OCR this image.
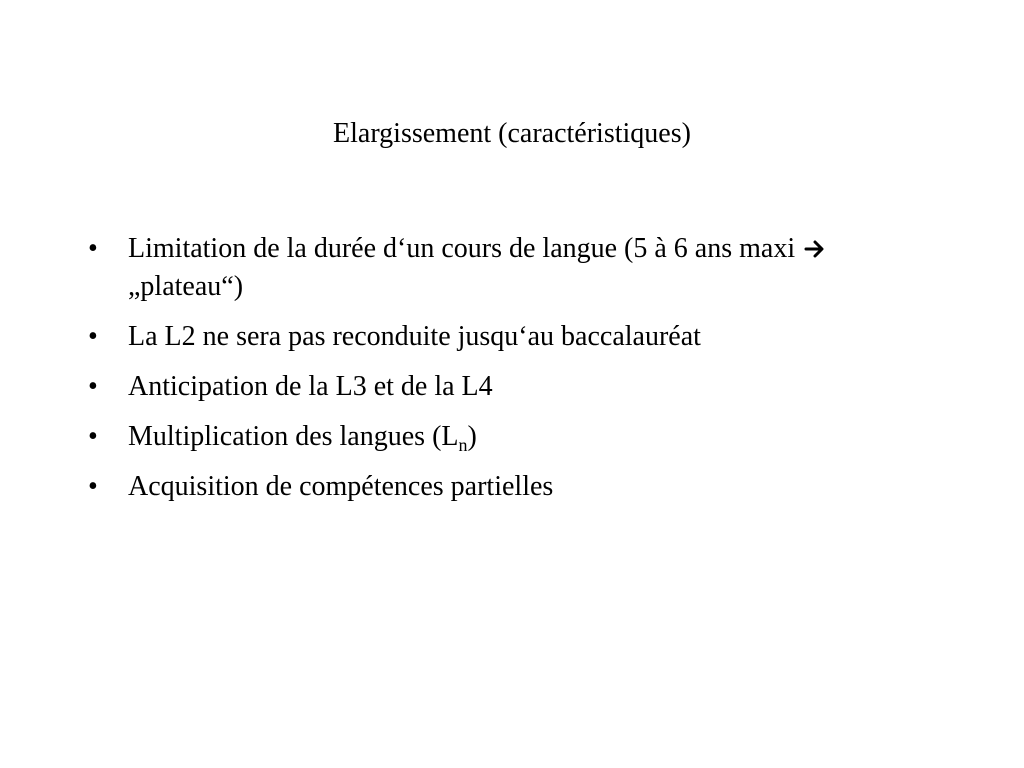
Elargissement (caractéristiques)
•	Limitation de la durée d‘un cours de langue (5 à 6 ans maxi  „plateau“)
•	La L2 ne sera pas reconduite jusqu‘au baccalauréat
•	Anticipation de la L3 et de la L4
•	Multiplication des langues $(L_n)$
•	Acquisition de compétences partielles
